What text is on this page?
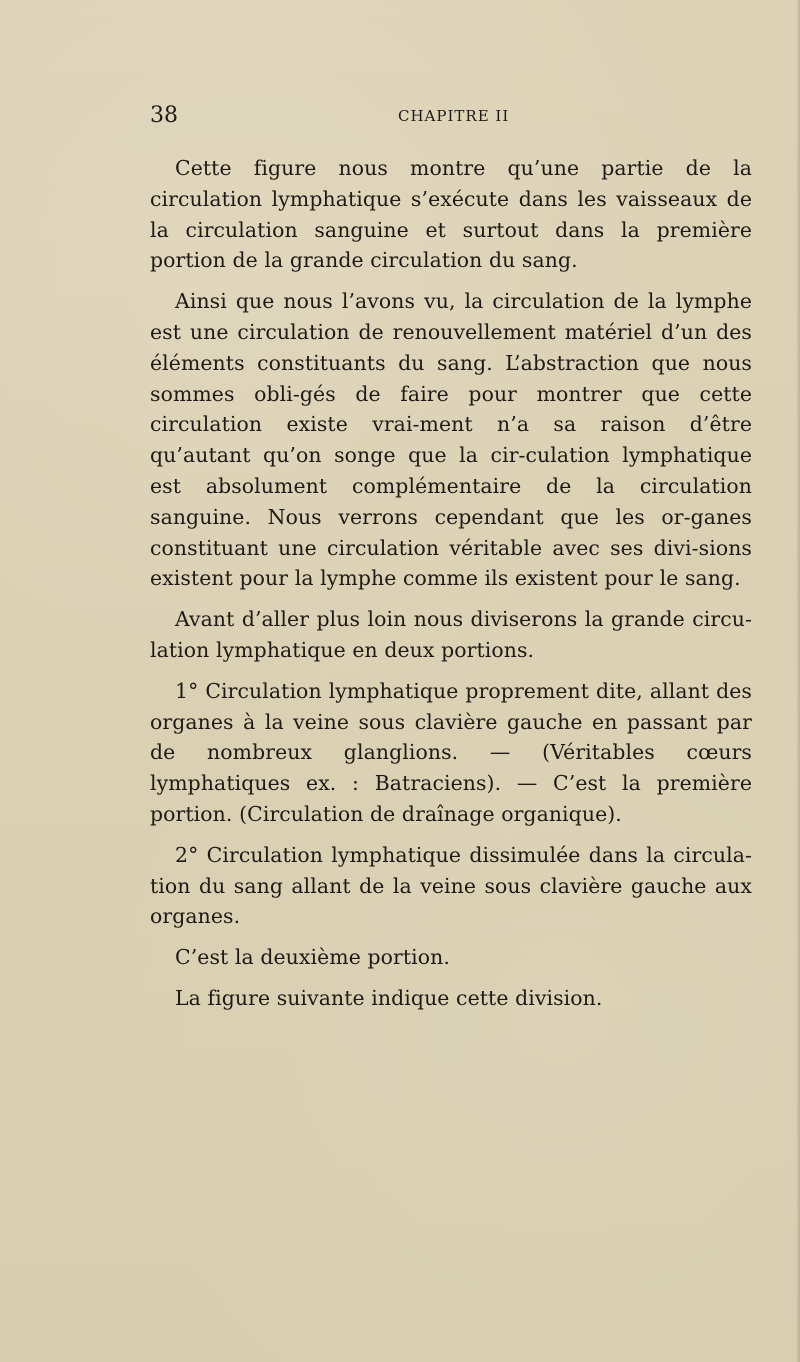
38	CHAPITRE II

Cette figure nous montre qu’une partie de la circulation lymphatique s’exécute dans les vaisseaux de la circulation sanguine et surtout dans la première portion de la grande circulation du sang.

Ainsi que nous l’avons vu, la circulation de la lymphe est une circulation de renouvellement matériel d’un des éléments constituants du sang. L’abstraction que nous sommes obli-gés de faire pour montrer que cette circulation existe vrai-ment n’a sa raison d’être qu’autant qu’on songe que la cir-culation lymphatique est absolument complémentaire de la circulation sanguine. Nous verrons cependant que les or-ganes constituant une circulation véritable avec ses divi-sions existent pour la lymphe comme ils existent pour le sang.

Avant d’aller plus loin nous diviserons la grande circu-lation lymphatique en deux portions.

1° Circulation lymphatique proprement dite, allant des organes à la veine sous clavière gauche en passant par de nombreux glanglions. — (Véritables cœurs lymphatiques ex. : Batraciens). — C’est la première portion. (Circulation de draînage organique).

2° Circulation lymphatique dissimulée dans la circula-tion du sang allant de la veine sous clavière gauche aux organes.

C’est la deuxième portion.

La figure suivante indique cette division.
